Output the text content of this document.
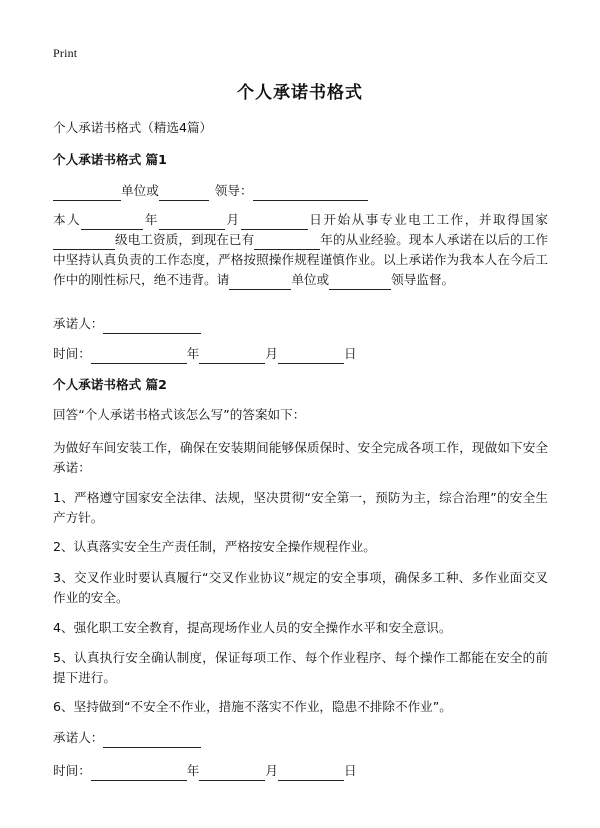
Print
个人承诺书格式
个人承诺书格式（精选4篇）
个人承诺书格式 篇1
单位或	领导：
本人	年	月	日开始从事专业电工工作，并取得国家级电工资质，到现在已有	年的从业经验。现本人承诺在以后的工作中坚持认真负责的工作态度，严格按照操作规程谨慎作业。以上承诺作为我本人在今后工作中的刚性标尺，绝不违背。请	单位或	领导监督。
承诺人：
时间：	年	月	日
个人承诺书格式 篇2
回答“个人承诺书格式该怎么写”的答案如下：
为做好车间安装工作，确保在安装期间能够保质保时、安全完成各项工作，现做如下安全承诺：
1、严格遵守国家安全法律、法规，坚决贯彻“安全第一，预防为主，综合治理”的安全生产方针。
2、认真落实安全生产责任制，严格按安全操作规程作业。
3、交叉作业时要认真履行“交叉作业协议”规定的安全事项，确保多工种、多作业面交叉作业的安全。
4、强化职工安全教育，提高现场作业人员的安全操作水平和安全意识。
5、认真执行安全确认制度，保证每项工作、每个作业程序、每个操作工都能在安全的前提下进行。
6、坚持做到“不安全不作业，措施不落实不作业，隐患不排除不作业”。
承诺人：
时间：	年	月	日
